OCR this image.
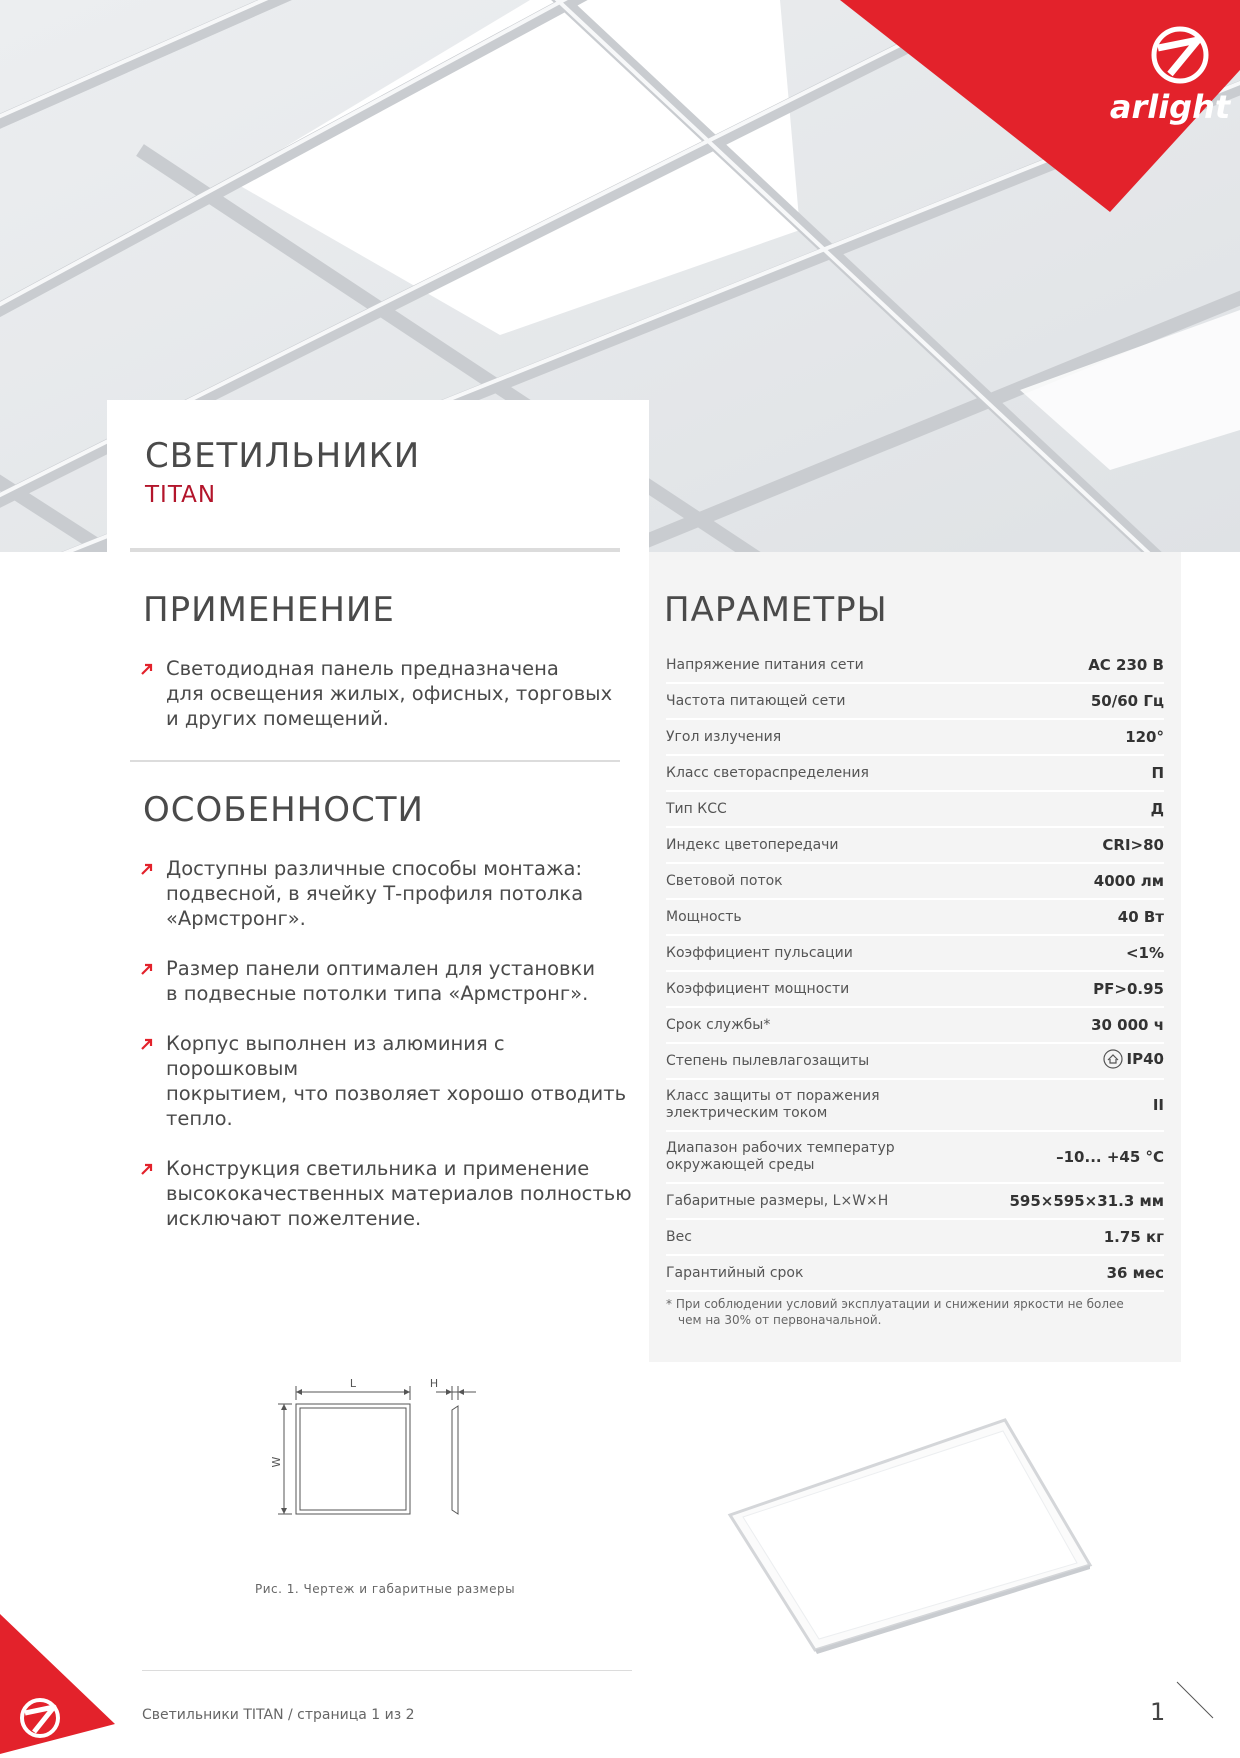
arlight
СВЕТИЛЬНИКИ
TITAN
ПРИМЕНЕНИЕ
Светодиодная панель предназначена
для освещения жилых, офисных, торговых
и других помещений.
ОСОБЕННОСТИ
Доступны различные способы монтажа:
подвесной, в ячейку Т-профиля потолка
«Армстронг».
Размер панели оптимален для установки
в подвесные потолки типа «Армстронг».
Корпус выполнен из алюминия с порошковым
покрытием, что позволяет хорошо отводить
тепло.
Конструкция светильника и применение
высококачественных материалов полностью
исключают пожелтение.
ПАРАМЕТРЫ
Напряжение питания сети	AC 230 В
Частота питающей сети	50/60 Гц
Угол излучения	120°
Класс светораспределения	П
Тип КСС	Д
Индекс цветопередачи	CRI>80
Световой поток	4000 лм
Мощность	40 Вт
Коэффициент пульсации	<1%
Коэффициент мощности	PF>0.95
Срок службы*	30 000 ч
Степень пылевлагозащиты	IP40
Класс защиты от поражения
электрическим током	II
Диапазон рабочих температур
окружающей среды	–10... +45 °C
Габаритные размеры, L×W×H	595×595×31.3 мм
Вес	1.75 кг
Гарантийный срок	36 мес
* При соблюдении условий эксплуатации и снижении яркости не более
чем на 30% от первоначальной.
L	H
W
Рис. 1. Чертеж и габаритные размеры
Светильники TITAN / страница 1 из 2	1
